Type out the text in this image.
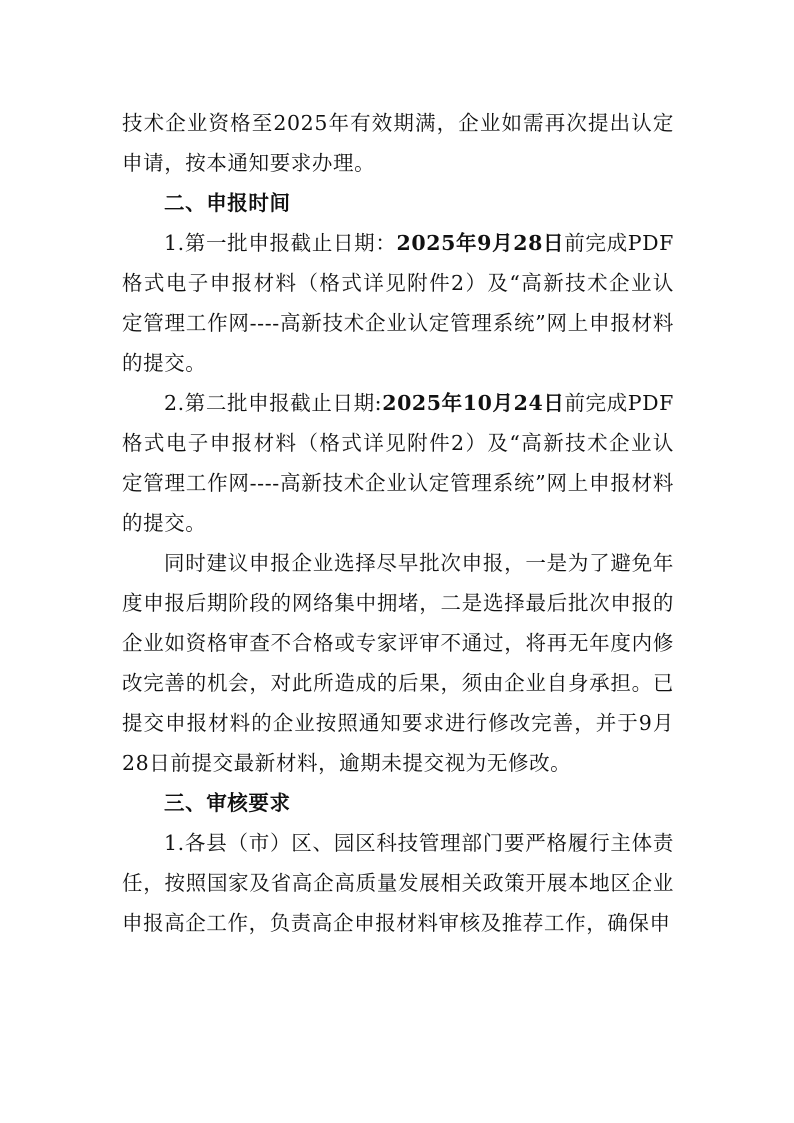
技术企业资格至2025年有效期满，企业如需再次提出认定申请，按本通知要求办理。

二、申报时间

1.第一批申报截止日期：2025年9月28日前完成PDF格式电子申报材料（格式详见附件2）及“高新技术企业认定管理工作网----高新技术企业认定管理系统”网上申报材料的提交。

2.第二批申报截止日期:2025年10月24日前完成PDF格式电子申报材料（格式详见附件2）及“高新技术企业认定管理工作网----高新技术企业认定管理系统”网上申报材料的提交。

同时建议申报企业选择尽早批次申报，一是为了避免年度申报后期阶段的网络集中拥堵，二是选择最后批次申报的企业如资格审查不合格或专家评审不通过，将再无年度内修改完善的机会，对此所造成的后果，须由企业自身承担。已提交申报材料的企业按照通知要求进行修改完善，并于9月28日前提交最新材料，逾期未提交视为无修改。

三、审核要求

1.各县（市）区、园区科技管理部门要严格履行主体责任，按照国家及省高企高质量发展相关政策开展本地区企业申报高企工作，负责高企申报材料审核及推荐工作，确保申
